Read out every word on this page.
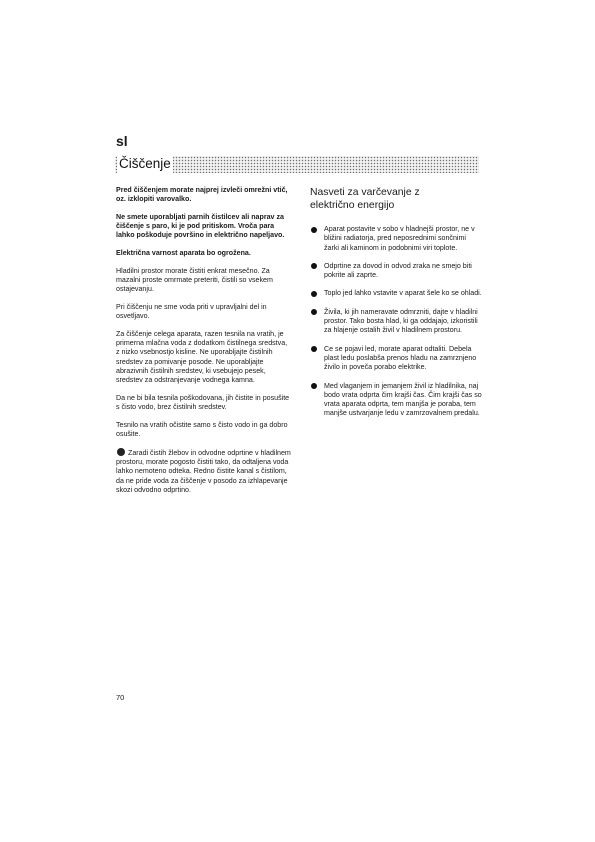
sl
Čiščenje

Pred čiščenjem morate najprej izvleči omrežni vtič, oz. izklopiti varovalko.

Ne smete uporabljati parnih čistilcev ali naprav za čiščenje s paro, ki je pod pritiskom. Vroča para lahko poškoduje površino in električno napeljavo.

Električna varnost aparata bo ogrožena.

Hladilni prostor morate čistiti enkrat mesečno. Za mazalni proste omrmate preteriti, čistili so vsekem ostajevanju.

Pri čiščenju ne sme voda priti v upravljalni del in osvetljavo.

Za čiščenje celega aparata, razen tesnila na vratih, je primerna mlačna voda z dodatkom čistilnega sredstva, z nizko vsebnostjo kisline. Ne uporabljajte čistilnih sredstev za pomivanje posode. Ne uporabljajte abrazivnih čistilnih sredstev, ki vsebujejo pesek, sredstev za odstranjevanje vodnega kamna.

Da ne bi bila tesnila poškodovana, jih čistite in posušite s čisto vodo, brez čistilnih sredstev.

Tesnilo na vratih očistite samo s čisto vodo in ga dobro osušite.

Zaradi čistih žlebov in odvodne odprtine v hladilnem prostoru, morate pogosto čistiti tako, da odtaljena voda lahko nemoteno odteka. Redno čistite kanal s čistilom, da ne pride voda za čiščenje v posodo za izhlapevanje skozi odvodno odprtino.

Nasveti za varčevanje z
električno energijo
Aparat postavite v sobo v hladnejši prostor, ne v bližini radiatorja, pred neposrednimi sončnimi žarki ali kaminom in podobnimi viri toplote.
Odprtine za dovod in odvod zraka ne smejo biti pokrite ali zaprte.
Toplo jed lahko vstavite v aparat šele ko se ohladi.
Živila, ki jih nameravate odmrzniti, dajte v hladilni prostor. Tako bosta hlad, ki ga oddajajo, izkoristili za hlajenje ostalih živil v hladilnem prostoru.
Ce se pojavi led, morate aparat odtaliti. Debela plast ledu poslabša prenos hladu na zamrznjeno živilo in poveča porabo elektrike.
Med vlaganjem in jemanjem živil iz hladilnika, naj bodo vrata odprta čim krajši čas. Čim krajši čas so vrata aparata odprta, tem manjša je poraba, tem manjše ustvarjanje ledu v zamrzovalnem predalu.
70
